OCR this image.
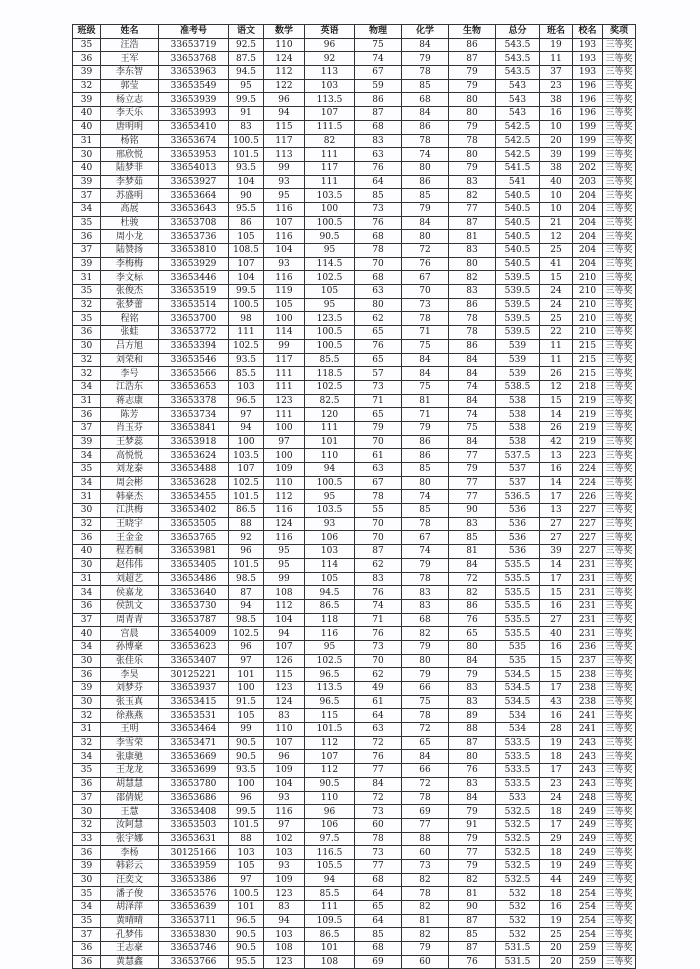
班级	姓名	准考号	语文	数学	英语	物理	化学	生物	总分	班名	校名	奖项
35	汪浩	33653719	92.5	110	96	75	84	86	543.5	19	193	三等奖
36	王军	33653768	87.5	124	92	74	79	87	543.5	11	193	三等奖
39	李东智	33653963	94.5	112	113	67	78	79	543.5	37	193	三等奖
32	郭莹	33653549	95	122	103	59	85	79	543	23	196	三等奖
39	杨立志	33653939	99.5	96	113.5	86	68	80	543	38	196	三等奖
40	李天乐	33653993	91	94	107	87	84	80	543	16	196	三等奖
40	唐明明	33653410	83	115	111.5	68	86	79	542.5	10	199	三等奖
31	杨铭	33653674	100.5	117	82	83	78	78	542.5	20	199	三等奖
30	邢欣悦	33653953	101.5	113	111	63	74	80	542.5	39	199	三等奖
40	陆梦菲	33654013	93.5	99	117	76	80	79	541.5	38	202	三等奖
39	李梦茹	33653927	104	93	111	64	86	83	541	40	203	三等奖
37	苏盛明	33653664	90	95	103.5	85	85	82	540.5	10	204	三等奖
34	高展	33653643	95.5	116	100	73	79	77	540.5	10	204	三等奖
35	杜骏	33653708	86	107	100.5	76	84	87	540.5	21	204	三等奖
36	周小龙	33653736	105	116	90.5	68	80	81	540.5	12	204	三等奖
37	陆赞扬	33653810	108.5	104	95	78	72	83	540.5	25	204	三等奖
39	李梅梅	33653929	107	93	114.5	70	76	80	540.5	41	204	三等奖
31	李文标	33653446	104	116	102.5	68	67	82	539.5	15	210	三等奖
35	张俊杰	33653519	99.5	119	105	63	70	83	539.5	24	210	三等奖
32	张梦蕾	33653514	100.5	105	95	80	73	86	539.5	24	210	三等奖
35	程铭	33653700	98	100	123.5	62	78	78	539.5	25	210	三等奖
36	张蛙	33653772	111	114	100.5	65	71	78	539.5	22	210	三等奖
30	吕方旭	33653394	102.5	99	100.5	76	75	86	539	11	215	三等奖
32	刘荣和	33653546	93.5	117	85.5	65	84	84	539	11	215	三等奖
32	李号	33653566	85.5	111	118.5	57	84	84	539	26	215	三等奖
34	江浩东	33653653	103	111	102.5	73	75	74	538.5	12	218	三等奖
31	蒋志康	33653378	96.5	123	82.5	71	81	84	538	15	219	三等奖
36	陈芳	33653734	97	111	120	65	71	74	538	14	219	三等奖
37	肖玉芬	33653841	94	100	111	79	79	75	538	26	219	三等奖
39	王梦蕊	33653918	100	97	101	70	86	84	538	42	219	三等奖
34	高悦悦	33653624	103.5	100	110	61	86	77	537.5	13	223	三等奖
35	刘龙泰	33653488	107	109	94	63	85	79	537	16	224	三等奖
34	周会彬	33653628	102.5	110	100.5	67	80	77	537	14	224	三等奖
31	韩豪杰	33653455	101.5	112	95	78	74	77	536.5	17	226	三等奖
30	江洪梅	33653402	86.5	116	103.5	55	85	90	536	13	227	三等奖
32	王晓宇	33653505	88	124	93	70	78	83	536	27	227	三等奖
36	王金金	33653765	92	116	106	70	67	85	536	27	227	三等奖
40	程若桐	33653981	96	95	103	87	74	81	536	39	227	三等奖
30	赵伟伟	33653405	101.5	95	114	62	79	84	535.5	14	231	三等奖
31	刘超艺	33653486	98.5	99	105	83	78	72	535.5	17	231	三等奖
34	侯嘉龙	33653640	87	108	94.5	76	83	82	535.5	15	231	三等奖
36	侯凯文	33653730	94	112	86.5	74	83	86	535.5	16	231	三等奖
37	周青青	33653787	98.5	104	118	71	68	76	535.5	27	231	三等奖
40	宫晨	33654009	102.5	94	116	76	82	65	535.5	40	231	三等奖
34	孙博豪	33653623	96	107	95	73	79	80	535	16	236	三等奖
30	张佳乐	33653407	97	126	102.5	70	80	84	535	15	237	三等奖
36	李昊	30125221	101	115	96.5	62	79	79	534.5	15	238	三等奖
39	刘梦芬	33653937	100	123	113.5	49	66	83	534.5	17	238	三等奖
30	张玉真	33653415	91.5	124	96.5	61	75	83	534.5	43	238	三等奖
32	徐燕燕	33653531	105	83	115	64	78	89	534	16	241	三等奖
31	王明	33653464	99	110	101.5	63	72	88	534	28	241	三等奖
32	李雪荣	33653471	90.5	107	112	72	65	87	533.5	19	243	三等奖
34	张康驰	33653669	90.5	96	107	76	84	80	533.5	18	243	三等奖
35	王龙龙	33653699	93.5	109	112	77	66	76	533.5	17	243	三等奖
36	胡慧慧	33653780	100	104	90.5	84	72	83	533.5	23	243	三等奖
37	邵倩妮	33653686	96	93	110	72	78	84	533	24	248	三等奖
30	王慧	33653408	99.5	116	96	73	69	79	532.5	18	249	三等奖
32	汝阿慧	33653503	101.5	97	106	60	77	91	532.5	17	249	三等奖
33	张宇娜	33653631	88	102	97.5	78	88	79	532.5	29	249	三等奖
36	李杨	30125166	103	103	116.5	73	60	77	532.5	18	249	三等奖
39	韩彩云	33653959	105	93	105.5	77	73	79	532.5	19	249	三等奖
30	汪奕文	33653386	97	109	94	68	82	82	532.5	44	249	三等奖
35	潘子俊	33653576	100.5	123	85.5	64	78	81	532	18	254	三等奖
34	胡泽萍	33653639	101	83	111	65	82	90	532	16	254	三等奖
35	黄晴晴	33653711	96.5	94	109.5	64	81	87	532	19	254	三等奖
37	孔梦伟	33653830	90.5	103	86.5	85	82	85	532	25	254	三等奖
36	王志豪	33653746	90.5	108	101	68	79	87	531.5	20	259	三等奖
36	黄慧鑫	33653766	95.5	123	108	69	60	76	531.5	20	259	三等奖
